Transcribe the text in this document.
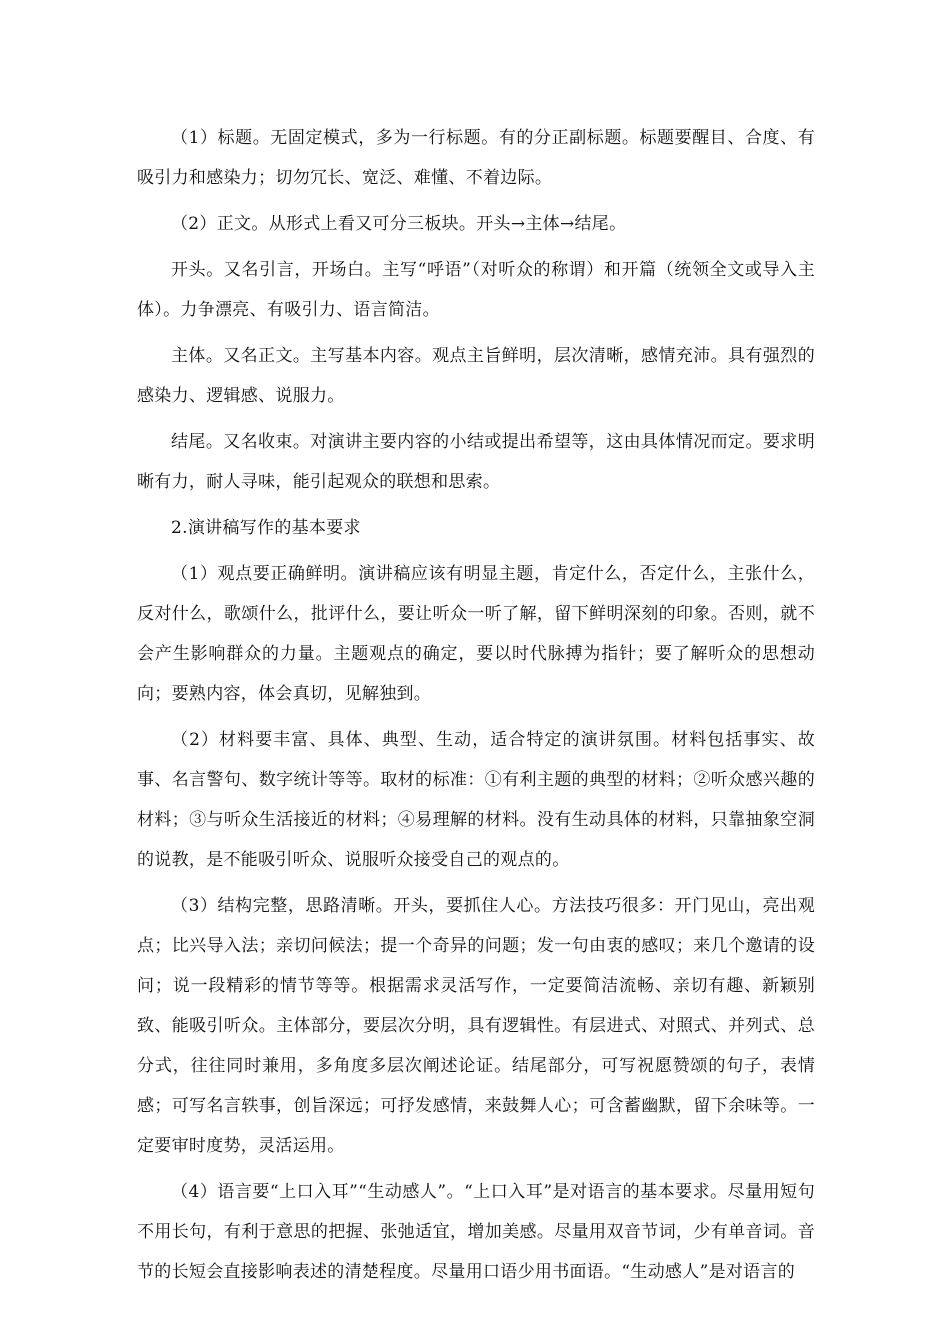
（1）标题。无固定模式，多为一行标题。有的分正副标题。标题要醒目、合度、有吸引力和感染力；切勿冗长、宽泛、难懂、不着边际。

（2）正文。从形式上看又可分三板块。开头→主体→结尾。

开头。又名引言，开场白。主写“呼语”（对听众的称谓）和开篇（统领全文或导入主体）。力争漂亮、有吸引力、语言简洁。

主体。又名正文。主写基本内容。观点主旨鲜明，层次清晰，感情充沛。具有强烈的感染力、逻辑感、说服力。

结尾。又名收束。对演讲主要内容的小结或提出希望等，这由具体情况而定。要求明晰有力，耐人寻味，能引起观众的联想和思索。

2.演讲稿写作的基本要求

（1）观点要正确鲜明。演讲稿应该有明显主题，肯定什么，否定什么，主张什么，反对什么，歌颂什么，批评什么，要让听众一听了解，留下鲜明深刻的印象。否则，就不会产生影响群众的力量。主题观点的确定，要以时代脉搏为指针；要了解听众的思想动向；要熟内容，体会真切，见解独到。

（2）材料要丰富、具体、典型、生动，适合特定的演讲氛围。材料包括事实、故事、名言警句、数字统计等等。取材的标准：①有利主题的典型的材料；②听众感兴趣的材料；③与听众生活接近的材料；④易理解的材料。没有生动具体的材料，只靠抽象空洞的说教，是不能吸引听众、说服听众接受自己的观点的。

（3）结构完整，思路清晰。开头，要抓住人心。方法技巧很多：开门见山，亮出观点；比兴导入法；亲切问候法；提一个奇异的问题；发一句由衷的感叹；来几个邀请的设问；说一段精彩的情节等等。根据需求灵活写作，一定要简洁流畅、亲切有趣、新颖别致、能吸引听众。主体部分，要层次分明，具有逻辑性。有层进式、对照式、并列式、总分式，往往同时兼用，多角度多层次阐述论证。结尾部分，可写祝愿赞颂的句子，表情感；可写名言轶事，创旨深远；可抒发感情，来鼓舞人心；可含蓄幽默，留下余味等。一定要审时度势，灵活运用。

（4）语言要“上口入耳”“生动感人”。“上口入耳”是对语言的基本要求。尽量用短句不用长句，有利于意思的把握、张弛适宜，增加美感。尽量用双音节词，少有单音词。音节的长短会直接影响表述的清楚程度。尽量用口语少用书面语。“生动感人”是对语言的
